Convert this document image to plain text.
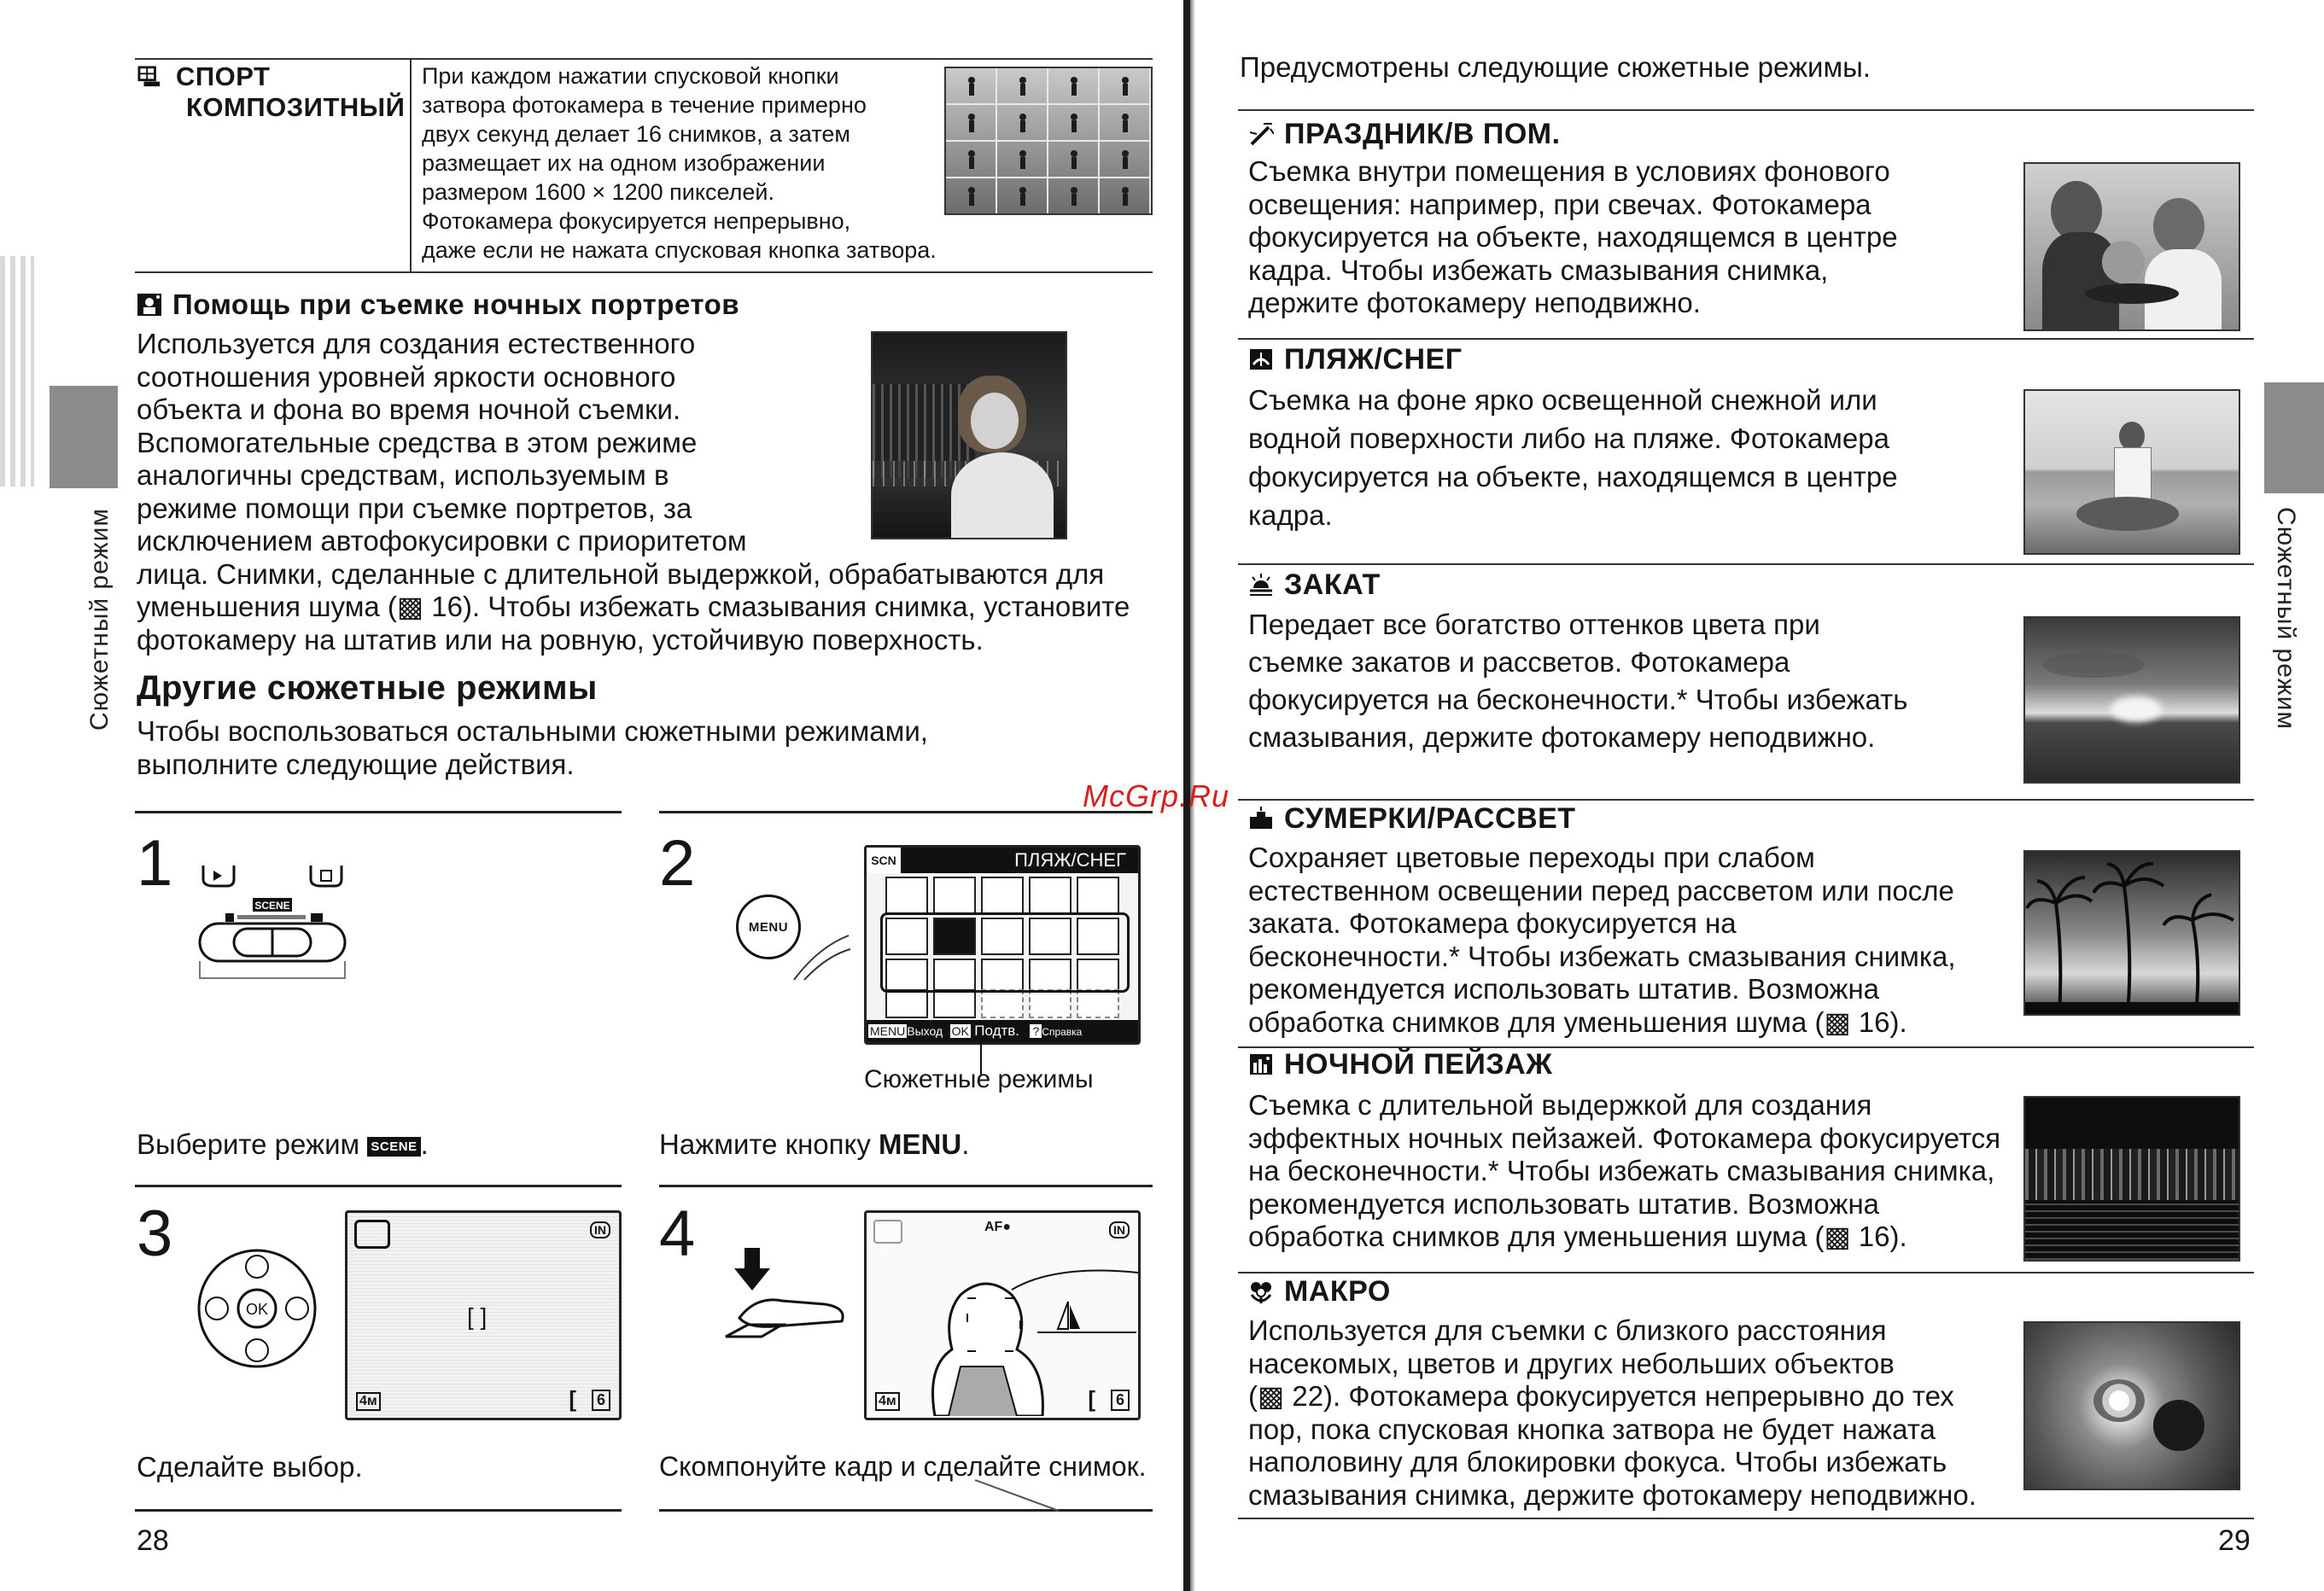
Сюжетный режим
СПОРТ
КОМПОЗИТНЫЙ
При каждом нажатии спусковой кнопки
затвора фотокамера в течение примерно
двух секунд делает 16 снимков, а затем
размещает их на одном изображении
размером 1600 × 1200 пикселей.
Фотокамера фокусируется непрерывно,
даже если не нажата спусковая кнопка затвора.
Помощь при съемке ночных портретов

Используется для создания естественного

соотношения уровней яркости основного

объекта и фона во время ночной съемки.

Вспомогательные средства в этом режиме

аналогичны средствам, используемым в

режиме помощи при съемке портретов, за

исключением автофокусировки с приоритетом

лица. Снимки, сделанные с длительной выдержкой, обрабатываются для

уменьшения шума (▩ 16). Чтобы избежать смазывания снимка, установите

фотокамеру на штатив или на ровную, устойчивую поверхность.

Другие сюжетные режимы

Чтобы воспользоваться остальными сюжетными режимами,

выполните следующие действия.

1
SCENE
Выберите режим SCENE .
2
MENU
SCN	ПЛЯЖ/СНЕГ
MENU Выход OK Подтв. ? Справка
Сюжетные режимы
Нажмите кнопку MENU.
3
OK
IN
[ ]
4м	[	6
Сделайте выбор.
4	AF●	IN
4м	[	6
Скомпонуйте кадр и сделайте снимок.
28
Предусмотрены следующие сюжетные режимы.
Сюжетный режим
McGrp.Ru
ПРАЗДНИК/В ПОМ.

Съемка внутри помещения в условиях фонового

освещения: например, при свечах. Фотокамера

фокусируется на объекте, находящемся в центре

кадра. Чтобы избежать смазывания снимка,

держите фотокамеру неподвижно.

ПЛЯЖ/СНЕГ

Съемка на фоне ярко освещенной снежной или

водной поверхности либо на пляже. Фотокамера

фокусируется на объекте, находящемся в центре

кадра.

ЗАКАТ

Передает все богатство оттенков цвета при

съемке закатов и рассветов. Фотокамера

фокусируется на бесконечности.* Чтобы избежать

смазывания, держите фотокамеру неподвижно.

СУМЕРКИ/РАССВЕТ

Сохраняет цветовые переходы при слабом

естественном освещении перед рассветом или после

заката. Фотокамера фокусируется на

бесконечности.* Чтобы избежать смазывания снимка,

рекомендуется использовать штатив. Возможна

обработка снимков для уменьшения шума (▩ 16).

НОЧНОЙ ПЕЙЗАЖ

Съемка с длительной выдержкой для создания

эффектных ночных пейзажей. Фотокамера фокусируется

на бесконечности.* Чтобы избежать смазывания снимка,

рекомендуется использовать штатив. Возможна

обработка снимков для уменьшения шума (▩ 16).

МАКРО

Используется для съемки с близкого расстояния

насекомых, цветов и других небольших объектов

(▩ 22). Фотокамера фокусируется непрерывно до тех

пор, пока спусковая кнопка затвора не будет нажата

наполовину для блокировки фокуса. Чтобы избежать

смазывания снимка, держите фотокамеру неподвижно.

29
